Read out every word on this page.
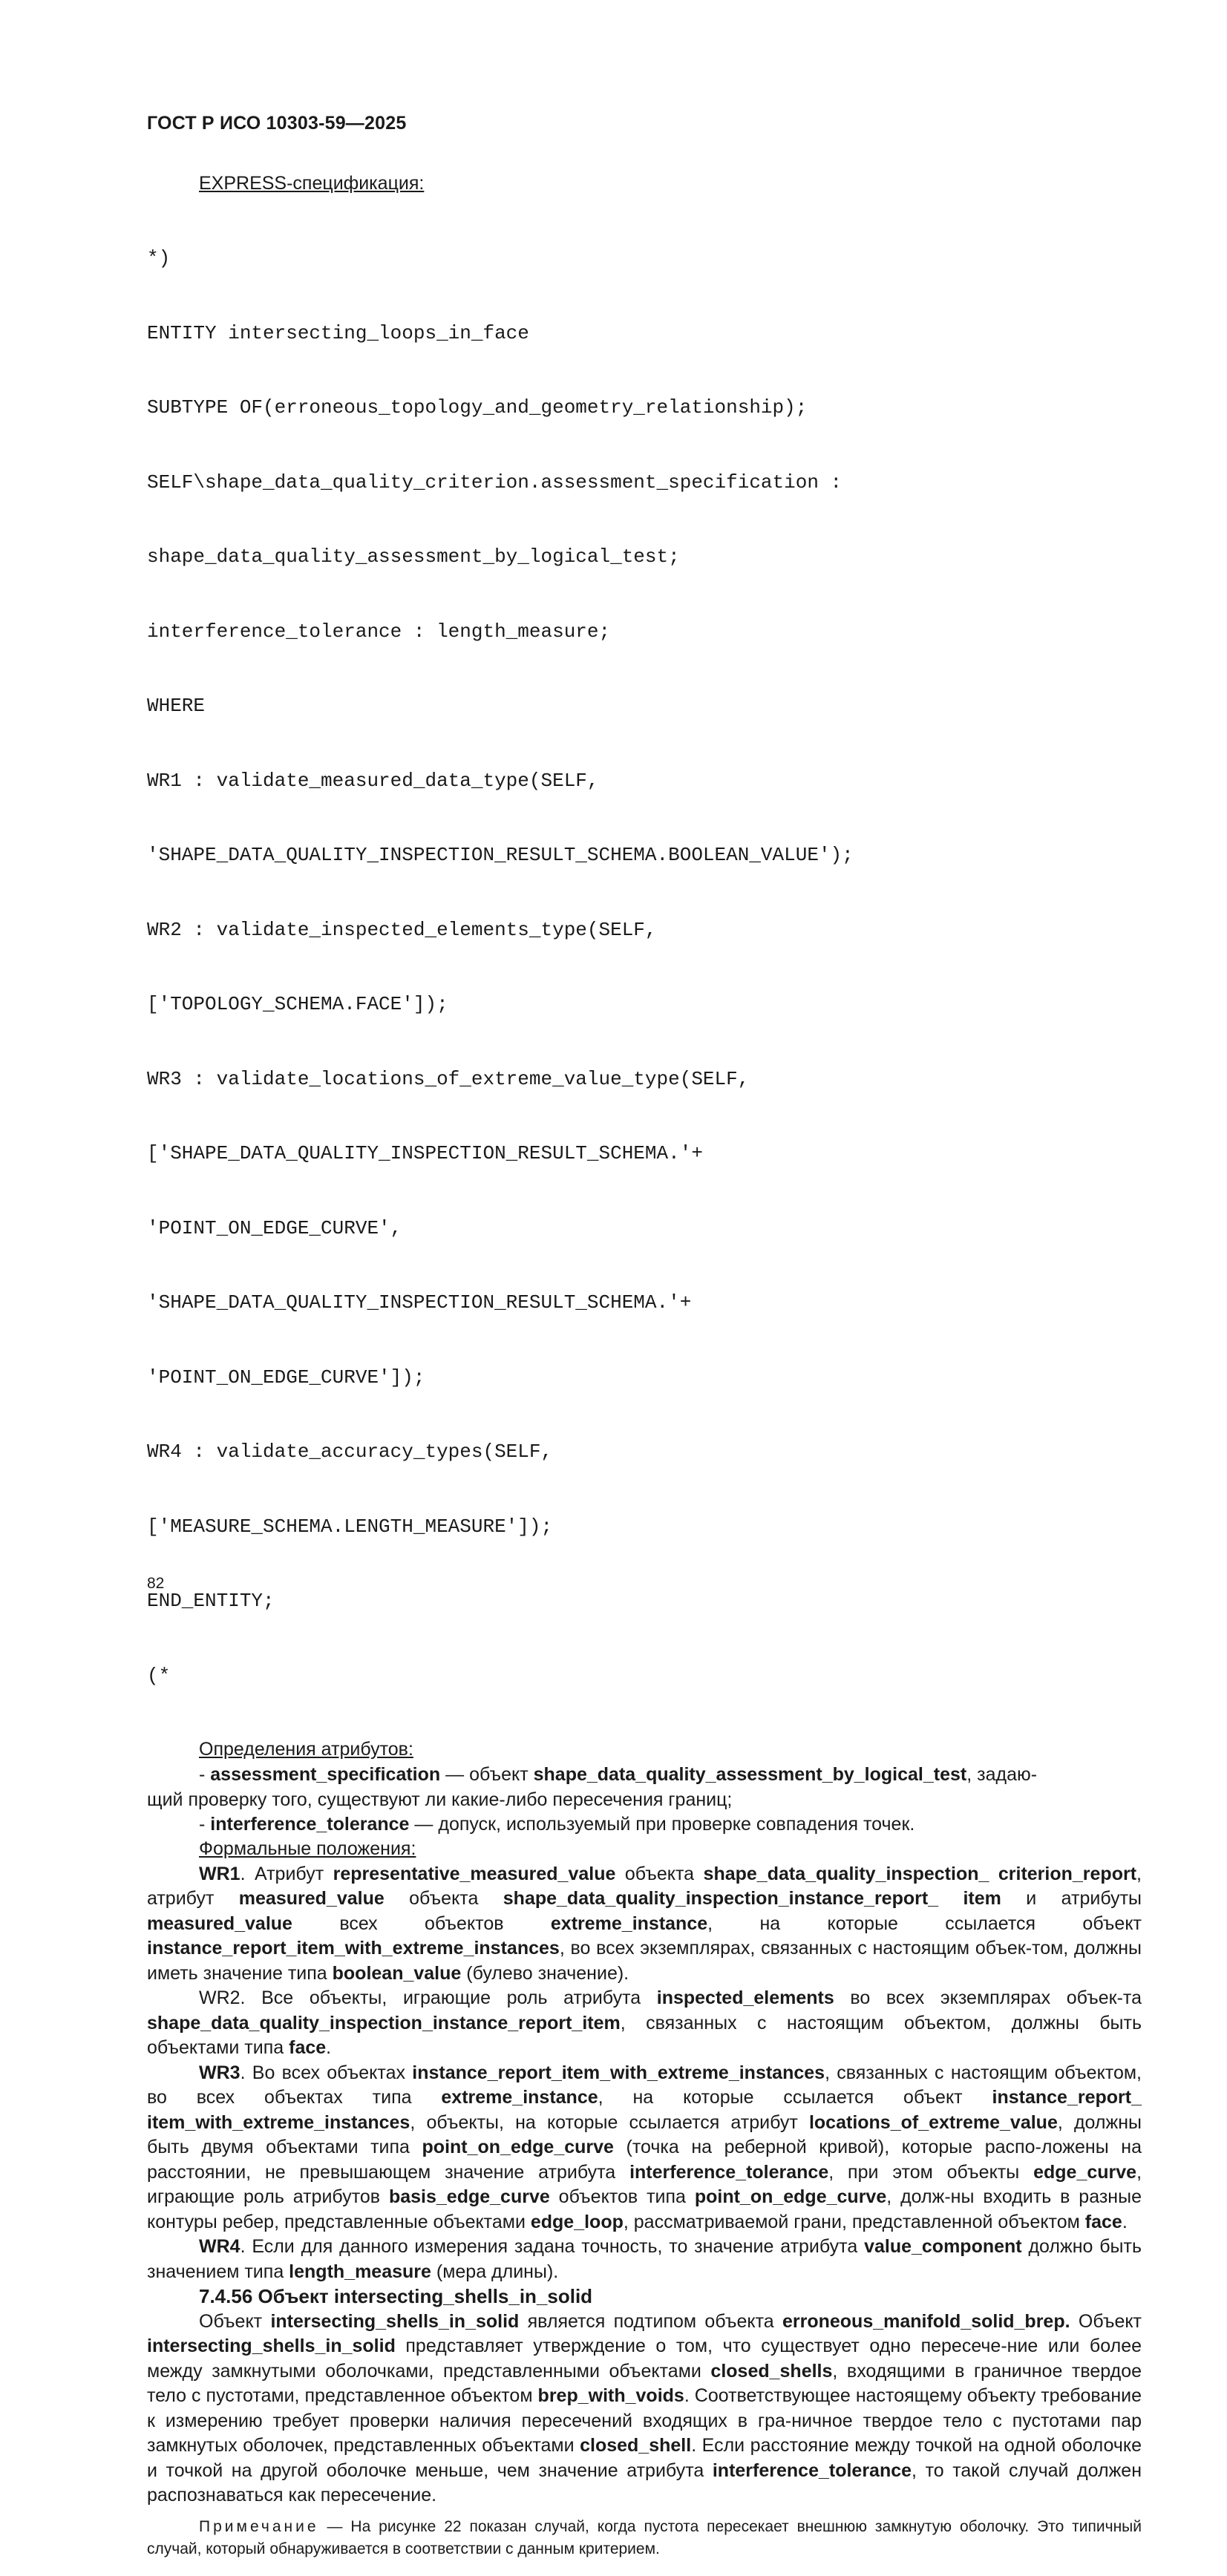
ГОСТ Р ИСО 10303-59—2025
EXPRESS-спецификация:

*)

ENTITY intersecting_loops_in_face

SUBTYPE OF(erroneous_topology_and_geometry_relationship);

SELF\shape_data_quality_criterion.assessment_specification :

shape_data_quality_assessment_by_logical_test;

interference_tolerance : length_measure;

WHERE

WR1 : validate_measured_data_type(SELF,

'SHAPE_DATA_QUALITY_INSPECTION_RESULT_SCHEMA.BOOLEAN_VALUE');

WR2 : validate_inspected_elements_type(SELF,

['TOPOLOGY_SCHEMA.FACE']);

WR3 : validate_locations_of_extreme_value_type(SELF,

['SHAPE_DATA_QUALITY_INSPECTION_RESULT_SCHEMA.'+

'POINT_ON_EDGE_CURVE',

'SHAPE_DATA_QUALITY_INSPECTION_RESULT_SCHEMA.'+

'POINT_ON_EDGE_CURVE']);

WR4 : validate_accuracy_types(SELF,

['MEASURE_SCHEMA.LENGTH_MEASURE']);

END_ENTITY;

(*

Определения атрибутов:
- assessment_specification — объект shape_data_quality_assessment_by_logical_test, задаю-
щий проверку того, существуют ли какие-либо пересечения границ;
- interference_tolerance — допуск, используемый при проверке совпадения точек.
Формальные положения:

WR1. Атрибут representative_measured_value объекта shape_data_quality_inspection_ criterion_report, атрибут measured_value объекта shape_data_quality_inspection_instance_report_ item и атрибуты measured_value всех объектов extreme_instance, на которые ссылается объект instance_report_item_with_extreme_instances, во всех экземплярах, связанных с настоящим объек-том, должны иметь значение типа boolean_value (булево значение).

WR2. Все объекты, играющие роль атрибута inspected_elements во всех экземплярах объек-та shape_data_quality_inspection_instance_report_item, связанных с настоящим объектом, должны быть объектами типа face.

WR3. Во всех объектах instance_report_item_with_extreme_instances, связанных с настоящим объектом, во всех объектах типа extreme_instance, на которые ссылается объект instance_report_ item_with_extreme_instances, объекты, на которые ссылается атрибут locations_of_extreme_value, должны быть двумя объектами типа point_on_edge_curve (точка на реберной кривой), которые распо-ложены на расстоянии, не превышающем значение атрибута interference_tolerance, при этом объекты edge_curve, играющие роль атрибутов basis_edge_curve объектов типа point_on_edge_curve, долж-ны входить в разные контуры ребер, представленные объектами edge_loop, рассматриваемой грани, представленной объектом face.

WR4. Если для данного измерения задана точность, то значение атрибута value_component должно быть значением типа length_measure (мера длины).

7.4.56 Объект intersecting_shells_in_solid

Объект intersecting_shells_in_solid является подтипом объекта erroneous_manifold_solid_brep. Объект intersecting_shells_in_solid представляет утверждение о том, что существует одно пересече-ние или более между замкнутыми оболочками, представленными объектами closed_shells, входящими в граничное твердое тело с пустотами, представленное объектом brep_with_voids. Соответствующее настоящему объекту требование к измерению требует проверки наличия пересечений входящих в гра-ничное твердое тело с пустотами пар замкнутых оболочек, представленных объектами closed_shell. Если расстояние между точкой на одной оболочке и точкой на другой оболочке меньше, чем значение атрибута interference_tolerance, то такой случай должен распознаваться как пересечение.

Примечание — На рисунке 22 показан случай, когда пустота пересекает внешнюю замкнутую оболочку. Это типичный случай, который обнаруживается в соответствии с данным критерием.

82
